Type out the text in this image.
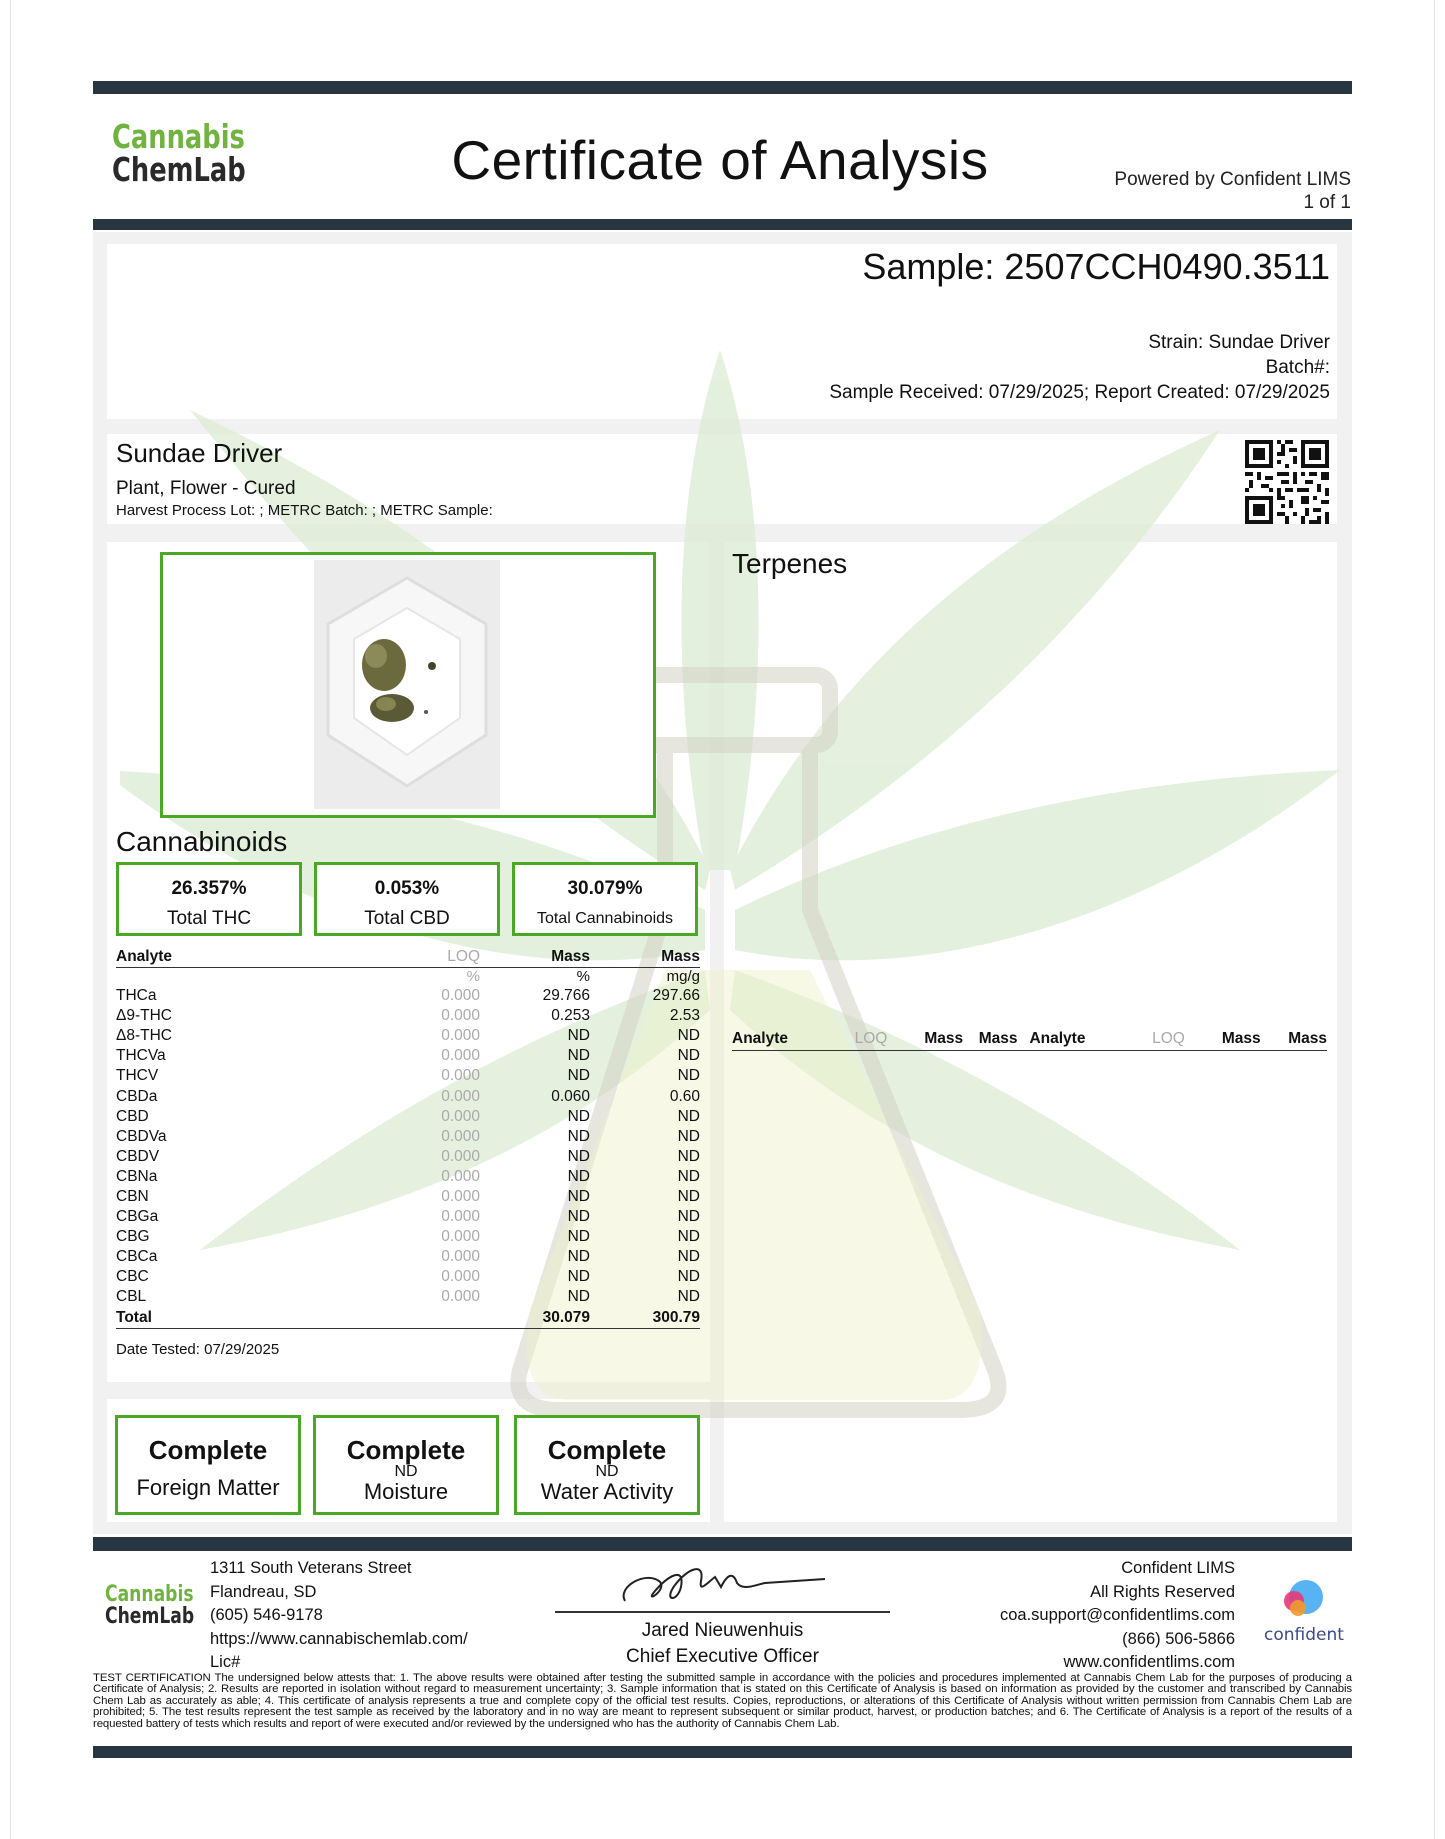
Cannabis
ChemLab	Certificate of Analysis	Powered by Confident LIMS
1 of 1
Sample: 2507CCH0490.3511
Strain: Sundae Driver
Batch#:
Sample Received: 07/29/2025; Report Created: 07/29/2025
Sundae Driver
Plant, Flower - Cured
Harvest Process Lot: ; METRC Batch: ; METRC Sample:
Cannabinoids
26.357%
Total THC
0.053%
Total CBD
30.079%
Total Cannabinoids
Analyte	LOQ	Mass	Mass
	%	%	mg/g
THCa	0.000	29.766	297.66
Δ9-THC	0.000	0.253	2.53
Δ8-THC	0.000	ND	ND
THCVa	0.000	ND	ND
THCV	0.000	ND	ND
CBDa	0.000	0.060	0.60
CBD	0.000	ND	ND
CBDVa	0.000	ND	ND
CBDV	0.000	ND	ND
CBNa	0.000	ND	ND
CBN	0.000	ND	ND
CBGa	0.000	ND	ND
CBG	0.000	ND	ND
CBCa	0.000	ND	ND
CBC	0.000	ND	ND
CBL	0.000	ND	ND
Total		30.079	300.79
Date Tested: 07/29/2025
Terpenes
Analyte	LOQ	Mass	Mass	Analyte	LOQ	Mass	Mass
Complete
Foreign Matter
Complete
ND
Moisture
Complete
ND
Water Activity
Cannabis
ChemLab
1311 South Veterans Street
Flandreau, SD
(605) 546-9178
https://www.cannabischemlab.com/
Lic#
Jared Nieuwenhuis
Chief Executive Officer
Confident LIMS
All Rights Reserved
coa.support@confidentlims.com
(866) 506-5866
www.confidentlims.com
confident
TEST CERTIFICATION The undersigned below attests that: 1. The above results were obtained after testing the submitted sample in accordance with the policies and procedures implemented at Cannabis Chem Lab for the purposes of producing a Certificate of Analysis; 2. Results are reported in isolation without regard to measurement uncertainty; 3. Sample information that is stated on this Certificate of Analysis is based on information as provided by the customer and transcribed by Cannabis Chem Lab as accurately as able; 4. This certificate of analysis represents a true and complete copy of the official test results. Copies, reproductions, or alterations of this Certificate of Analysis without written permission from Cannabis Chem Lab are prohibited; 5. The test results represent the test sample as received by the laboratory and in no way are meant to represent subsequent or similar product, harvest, or production batches; and 6. The Certificate of Analysis is a report of the results of a requested battery of tests which results and report of were executed and/or reviewed by the undersigned who has the authority of Cannabis Chem Lab.
